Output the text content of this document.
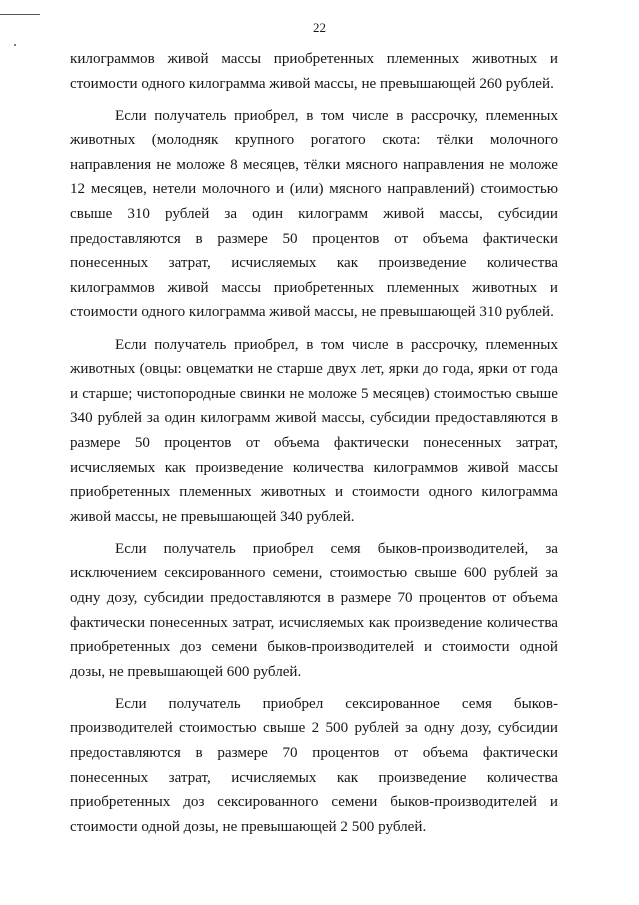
22

килограммов живой массы приобретенных племенных животных и стоимости одного килограмма живой массы, не превышающей 260 рублей.

Если получатель приобрел, в том числе в рассрочку, племенных животных (молодняк крупного рогатого скота: тёлки молочного направления не моложе 8 месяцев, тёлки мясного направления не моложе 12 месяцев, нетели молочного и (или) мясного направлений) стоимостью свыше 310 рублей за один килограмм живой массы, субсидии предоставляются в размере 50 процентов от объема фактически понесенных затрат, исчисляемых как произведение количества килограммов живой массы приобретенных племенных животных и стоимости одного килограмма живой массы, не превышающей 310 рублей.

Если получатель приобрел, в том числе в рассрочку, племенных животных (овцы: овцематки не старше двух лет, ярки до года, ярки от года и старше; чистопородные свинки не моложе 5 месяцев) стоимостью свыше 340 рублей за один килограмм живой массы, субсидии предоставляются в размере 50 процентов от объема фактически понесенных затрат, исчисляемых как произведение количества килограммов живой массы приобретенных племенных животных и стоимости одного килограмма живой массы, не превышающей 340 рублей.

Если получатель приобрел семя быков-производителей, за исключением сексированного семени, стоимостью свыше 600 рублей за одну дозу, субсидии предоставляются в размере 70 процентов от объема фактически понесенных затрат, исчисляемых как произведение количества приобретенных доз семени быков-производителей и стоимости одной дозы, не превышающей 600 рублей.

Если получатель приобрел сексированное семя быков-производителей стоимостью свыше 2 500 рублей за одну дозу, субсидии предоставляются в размере 70 процентов от объема фактически понесенных затрат, исчисляемых как произведение количества приобретенных доз сексированного семени быков-производителей и стоимости одной дозы, не превышающей 2 500 рублей.
